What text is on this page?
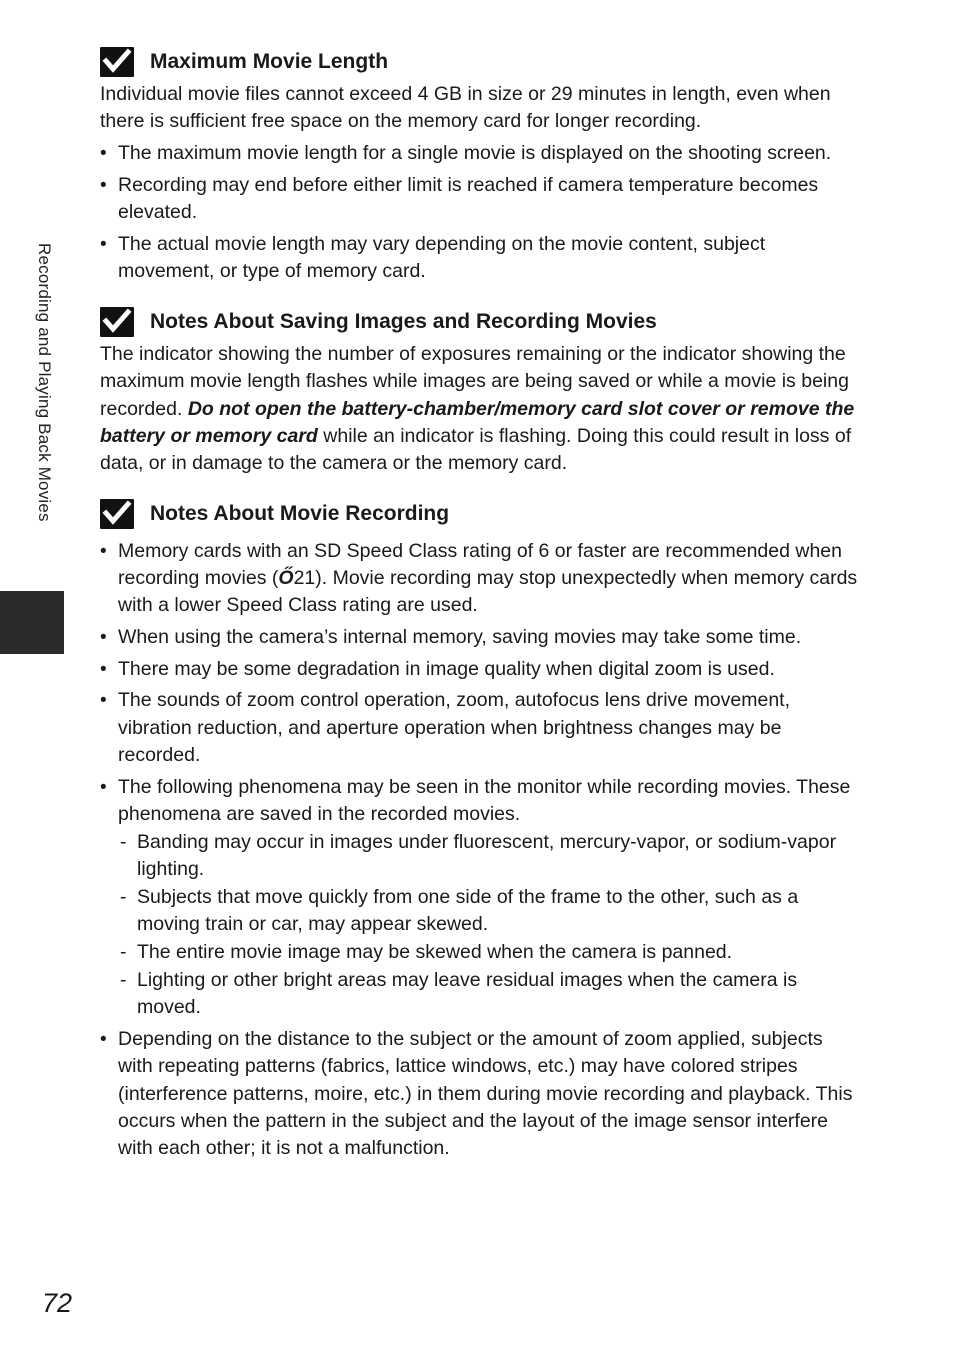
Recording and Playing Back Movies
Maximum Movie Length

Individual movie files cannot exceed 4 GB in size or 29 minutes in length, even when there is sufficient free space on the memory card for longer recording.

• The maximum movie length for a single movie is displayed on the shooting screen.
• Recording may end before either limit is reached if camera temperature becomes elevated.
• The actual movie length may vary depending on the movie content, subject movement, or type of memory card.
Notes About Saving Images and Recording Movies

The indicator showing the number of exposures remaining or the indicator showing the maximum movie length flashes while images are being saved or while a movie is being recorded. Do not open the battery-chamber/memory card slot cover or remove the battery or memory card while an indicator is flashing. Doing this could result in loss of data, or in damage to the camera or the memory card.

Notes About Movie Recording
• Memory cards with an SD Speed Class rating of 6 or faster are recommended when recording movies (Ő21). Movie recording may stop unexpectedly when memory cards with a lower Speed Class rating are used.
• When using the camera’s internal memory, saving movies may take some time.
• There may be some degradation in image quality when digital zoom is used.
• The sounds of zoom control operation, zoom, autofocus lens drive movement, vibration reduction, and aperture operation when brightness changes may be recorded.
• The following phenomena may be seen in the monitor while recording movies. These phenomena are saved in the recorded movies.
- Banding may occur in images under fluorescent, mercury-vapor, or sodium-vapor lighting.
- Subjects that move quickly from one side of the frame to the other, such as a moving train or car, may appear skewed.
- The entire movie image may be skewed when the camera is panned.
- Lighting or other bright areas may leave residual images when the camera is moved.
• Depending on the distance to the subject or the amount of zoom applied, subjects with repeating patterns (fabrics, lattice windows, etc.) may have colored stripes (interference patterns, moire, etc.) in them during movie recording and playback. This occurs when the pattern in the subject and the layout of the image sensor interfere with each other; it is not a malfunction.
72
